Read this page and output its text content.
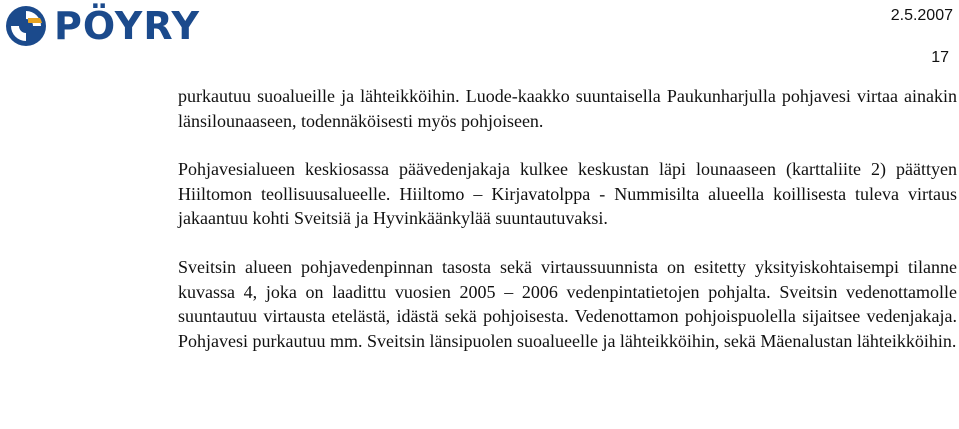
PÖYRY	2.5.2007
17

purkautuu suoalueille ja lähteikköihin. Luode-kaakko suuntaisella Paukunharjulla pohjavesi virtaa ainakin länsilounaaseen, todennäköisesti myös pohjoiseen.

Pohjavesialueen keskiosassa päävedenjakaja kulkee keskustan läpi lounaaseen (karttaliite 2) päättyen Hiiltomon teollisuusalueelle. Hiiltomo – Kirjavatolppa - Nummisilta alueella koillisesta tuleva virtaus jakaantuu kohti Sveitsiä ja Hyvinkäänkylää suuntautuvaksi.

Sveitsin alueen pohjavedenpinnan tasosta sekä virtaussuunnista on esitetty yksityiskohtaisempi tilanne kuvassa 4, joka on laadittu vuosien 2005 – 2006 vedenpintatietojen pohjalta. Sveitsin vedenottamolle suuntautuu virtausta etelästä, idästä sekä pohjoisesta. Vedenottamon pohjoispuolella sijaitsee vedenjakaja. Pohjavesi purkautuu mm. Sveitsin länsipuolen suoalueelle ja lähteikköihin, sekä Mäenalustan lähteikköihin.
